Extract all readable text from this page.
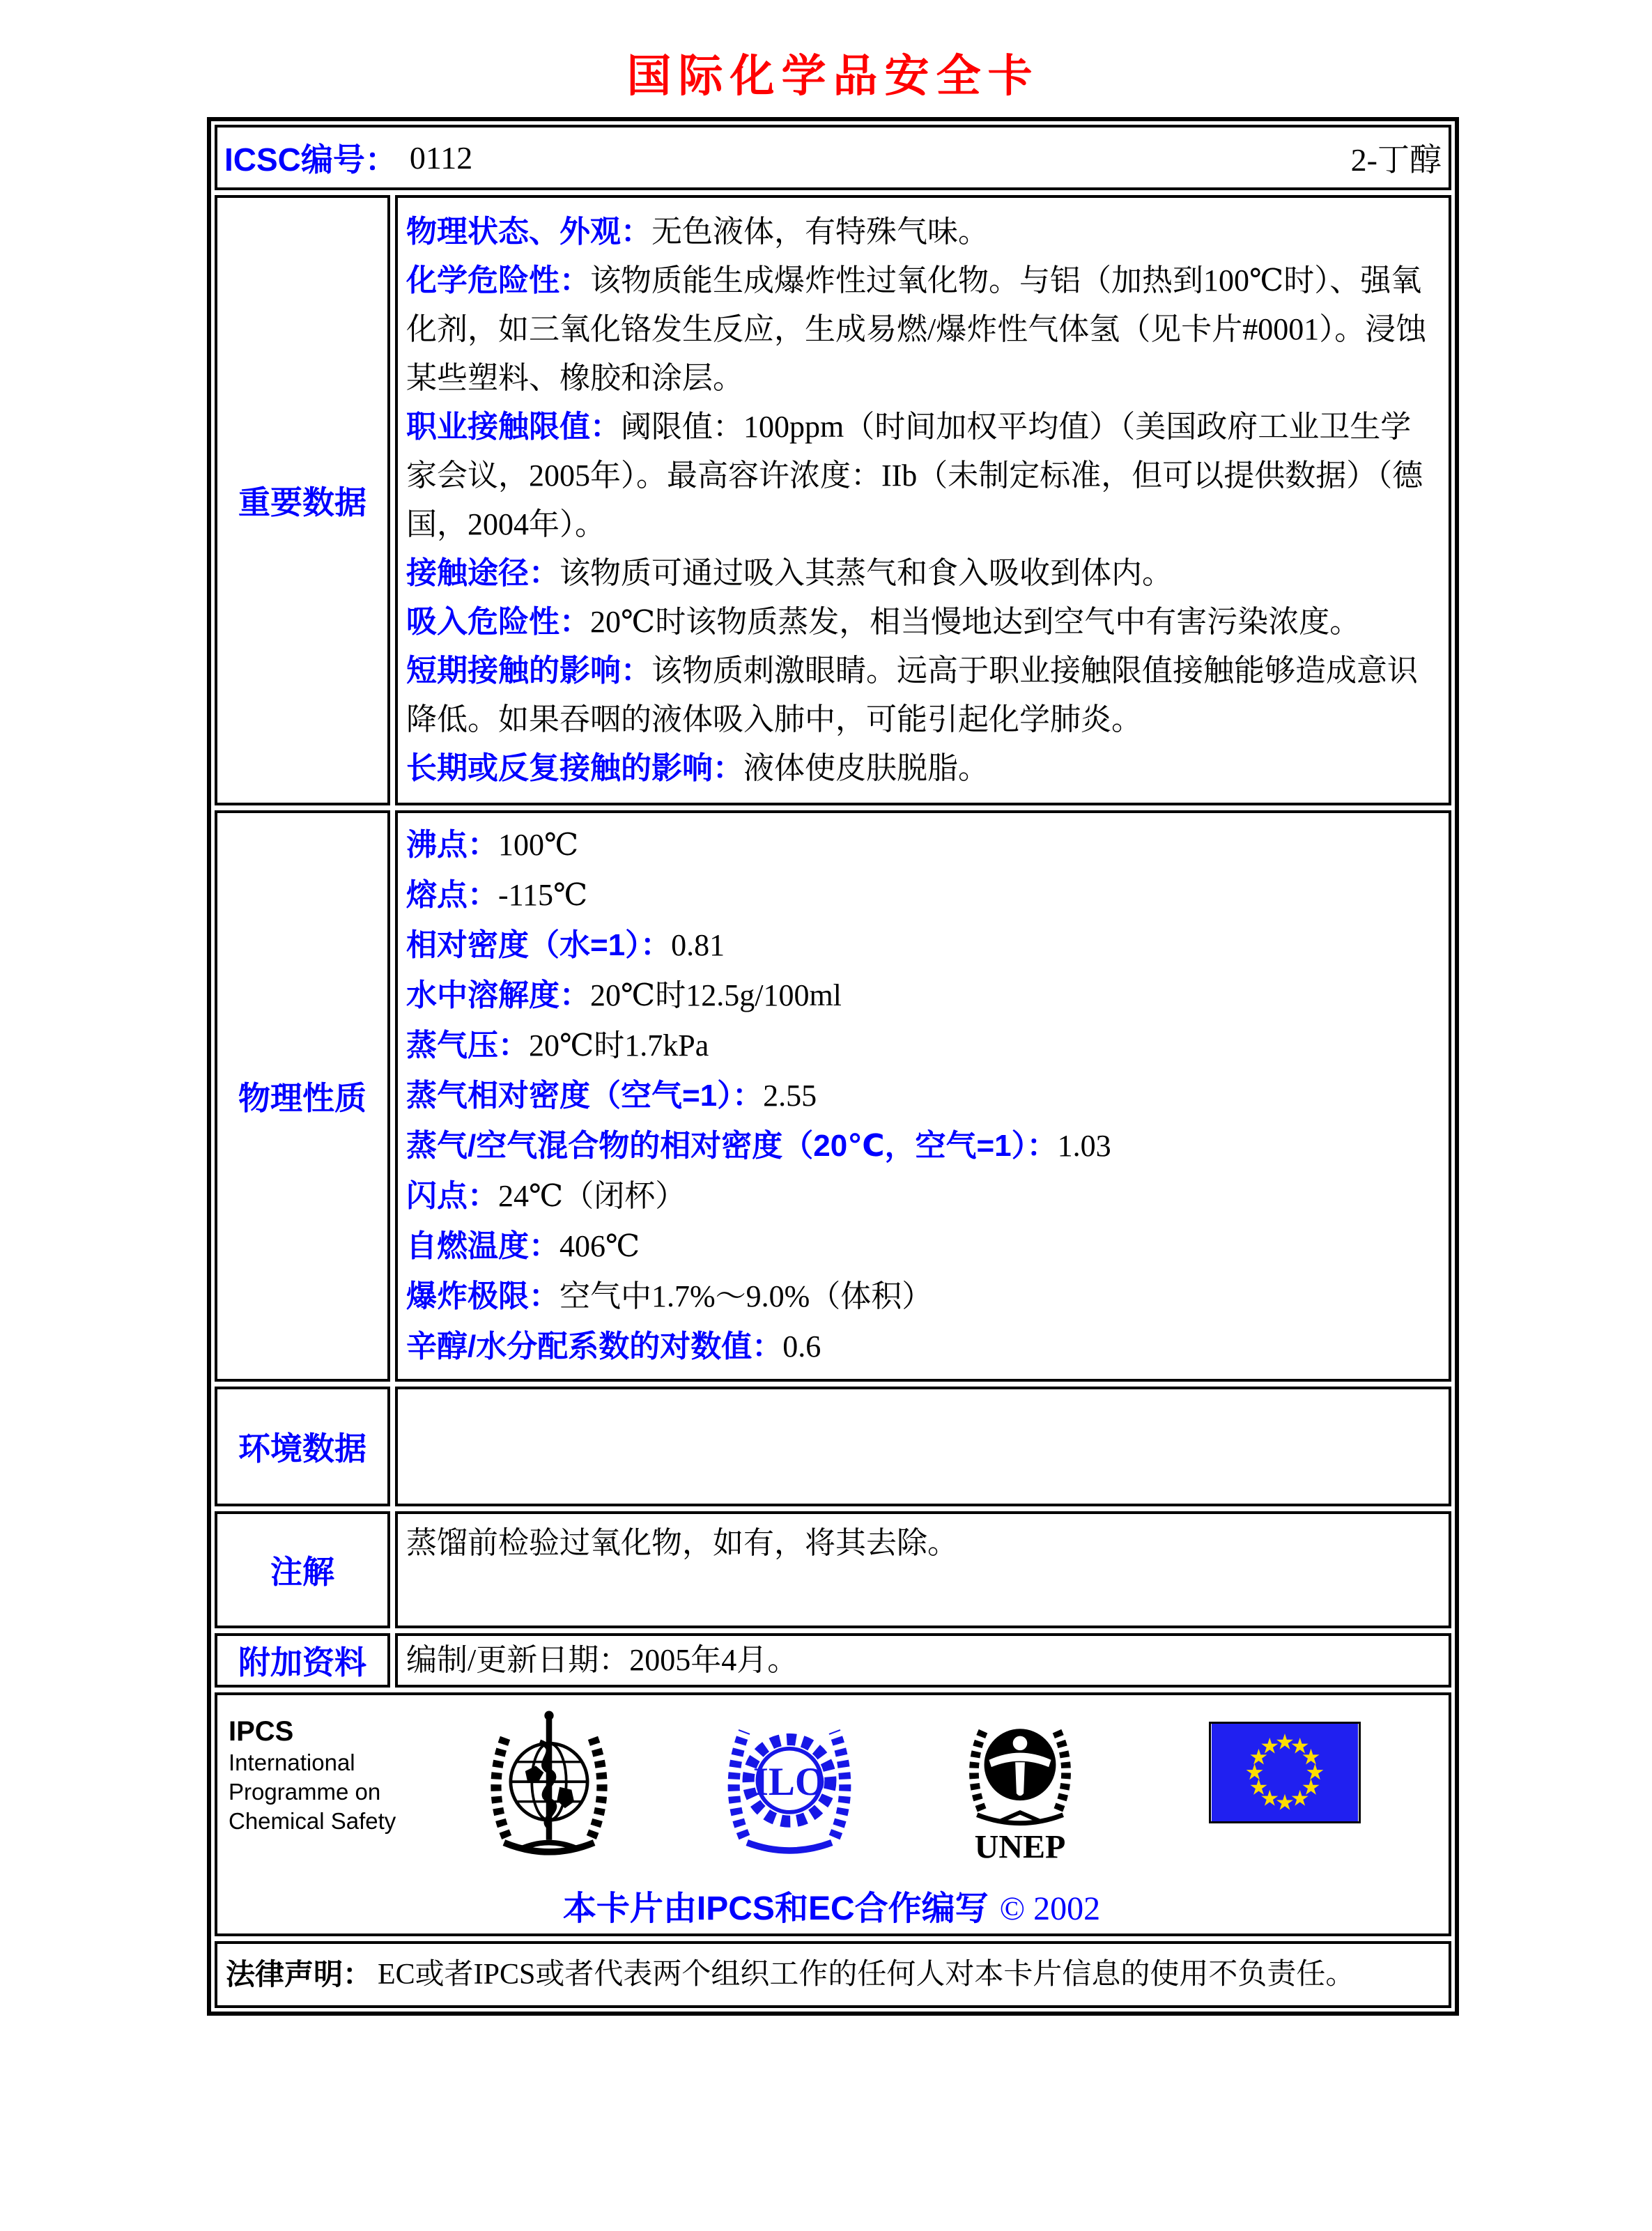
国际化学品安全卡
ICSC编号： 0112	2-丁醇
重要数据

物理状态、外观：无色液体，有特殊气味。

化学危险性：该物质能生成爆炸性过氧化物。与铝（加热到100℃时）、强氧化剂，如三氧化铬发生反应，生成易燃/爆炸性气体氢（见卡片#0001）。浸蚀某些塑料、橡胶和涂层。

职业接触限值：阈限值：100ppm（时间加权平均值）（美国政府工业卫生学家会议，2005年）。最高容许浓度：IIb（未制定标准，但可以提供数据）（德国，2004年）。

接触途径：该物质可通过吸入其蒸气和食入吸收到体内。

吸入危险性：20℃时该物质蒸发，相当慢地达到空气中有害污染浓度。

短期接触的影响：该物质刺激眼睛。远高于职业接触限值接触能够造成意识降低。如果吞咽的液体吸入肺中，可能引起化学肺炎。

长期或反复接触的影响：液体使皮肤脱脂。

物理性质

沸点：100℃

熔点：-115℃

相对密度（水=1）：0.81

水中溶解度：20℃时12.5g/100ml

蒸气压：20℃时1.7kPa

蒸气相对密度（空气=1）：2.55

蒸气/空气混合物的相对密度（20℃，空气=1）：1.03

闪点：24℃（闭杯）

自燃温度：406℃

爆炸极限：空气中1.7%～9.0%（体积）

辛醇/水分配系数的对数值：0.6

环境数据
注解
蒸馏前检验过氧化物，如有，将其去除。
附加资料	编制/更新日期：2005年4月。
IPCS
International
Programme on
Chemical Safety
ILO
UNEP
本卡片由IPCS和EC合作编写 © 2002
法律声明： EC或者IPCS或者代表两个组织工作的任何人对本卡片信息的使用不负责任。
